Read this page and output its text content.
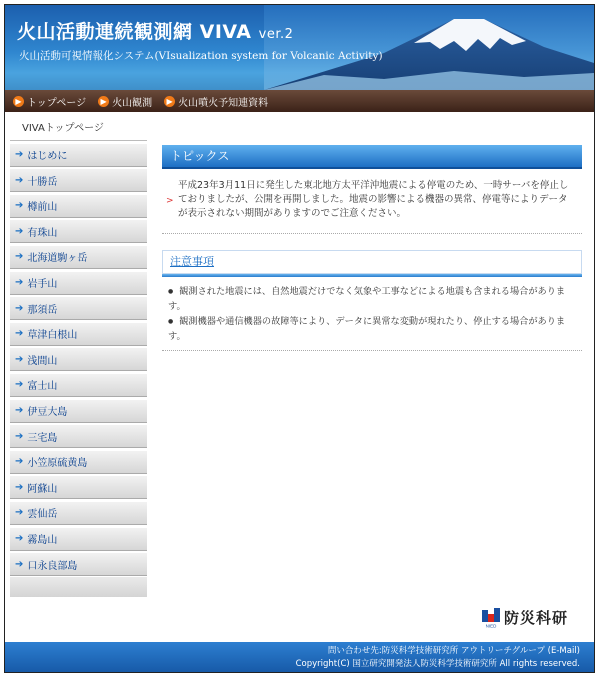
火山活動連続観測網 VIVA ver.2
火山活動可視情報化システム(VIsualization system for Volcanic Activity)
▶ トップページ	▶ 火山観測	▶ 火山噴火予知連資料
VIVAトップページ
➔ はじめに
➔ 十勝岳
➔ 樽前山
➔ 有珠山
➔ 北海道駒ヶ岳
➔ 岩手山
➔ 那須岳
➔ 草津白根山
➔ 浅間山
➔ 富士山
➔ 伊豆大島
➔ 三宅島
➔ 小笠原硫黄島
➔ 阿蘇山
➔ 雲仙岳
➔ 霧島山
➔ 口永良部島
トピックス
>
平成23年3月11日に発生した東北地方太平洋沖地震による停電のため、一時サーバを停止しておりましたが、公開を再開しました。地震の影響による機器の異常、停電等によりデータが表示されない期間がありますのでご注意ください。
注意事項
● 観測された地震には、自然地震だけでなく気象や工事などによる地震も含まれる場合があります。
● 観測機器や通信機器の故障等により、データに異常な変動が現れたり、停止する場合があります。
NIED 防災科研
問い合わせ先:防災科学技術研究所 アウトリーチグループ (E-Mail)
Copyright(C) 国立研究開発法人防災科学技術研究所 All rights reserved.
